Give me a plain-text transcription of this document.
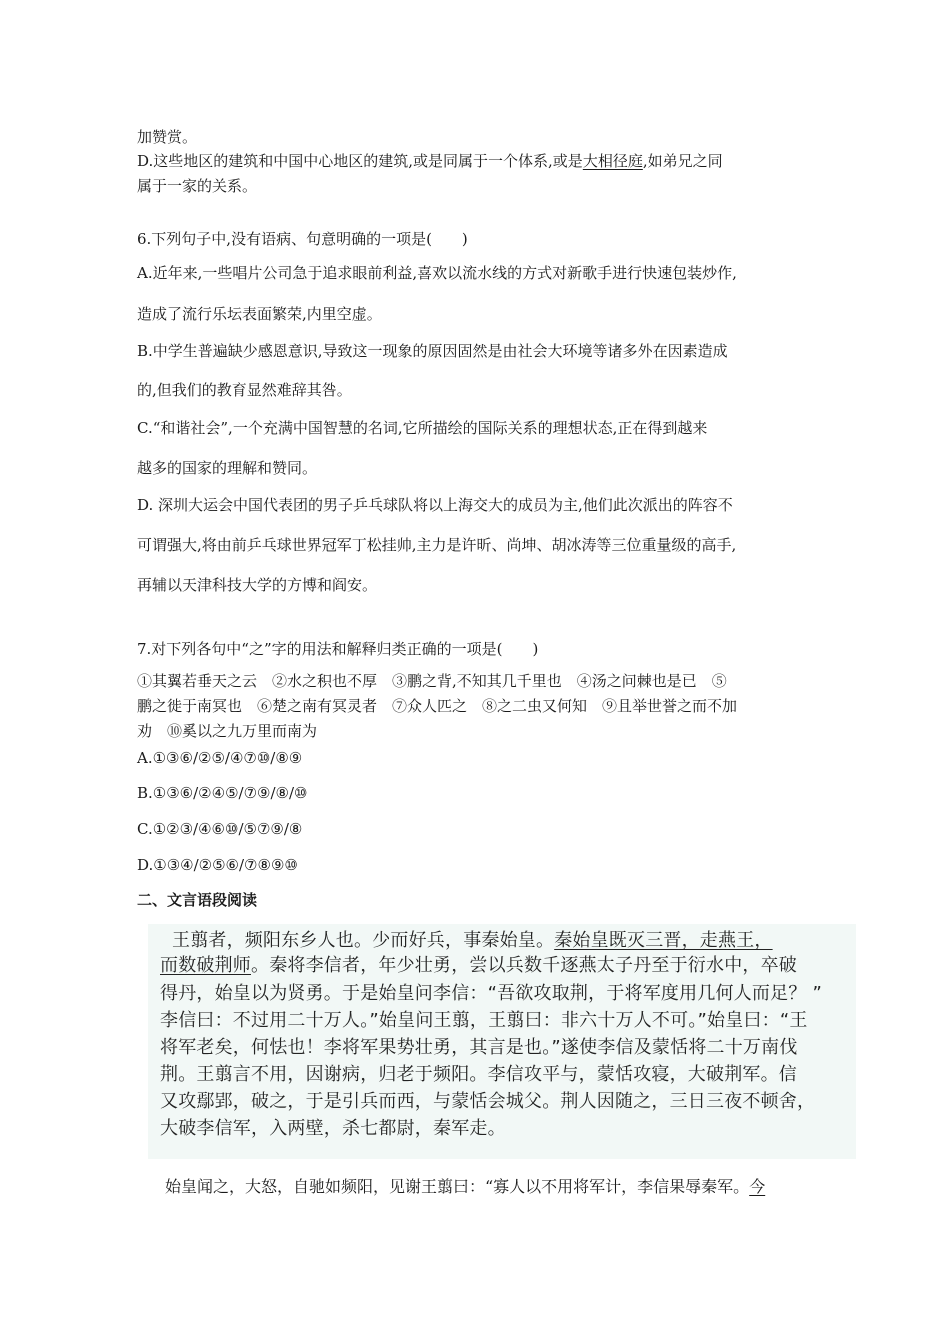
加赞赏。
D.这些地区的建筑和中国中心地区的建筑,或是同属于一个体系,或是大相径庭,如弟兄之同
属于一家的关系。
6.下列句子中,没有语病、句意明确的一项是(　　)
A.近年来,一些唱片公司急于追求眼前利益,喜欢以流水线的方式对新歌手进行快速包装炒作,
造成了流行乐坛表面繁荣,内里空虚。
B.中学生普遍缺少感恩意识,导致这一现象的原因固然是由社会大环境等诸多外在因素造成
的,但我们的教育显然难辞其咎。
C.“和谐社会”,一个充满中国智慧的名词,它所描绘的国际关系的理想状态,正在得到越来
越多的国家的理解和赞同。
D. 深圳大运会中国代表团的男子乒乓球队将以上海交大的成员为主,他们此次派出的阵容不
可谓强大,将由前乒乓球世界冠军丁松挂帅,主力是许昕、尚坤、胡冰涛等三位重量级的高手,
再辅以天津科技大学的方博和阎安。
7.对下列各句中“之”字的用法和解释归类正确的一项是(　　)
①其翼若垂天之云　②水之积也不厚　③鹏之背,不知其几千里也　④汤之问棘也是已　⑤
鹏之徙于南冥也　⑥楚之南有冥灵者　⑦众人匹之　⑧之二虫又何知　⑨且举世誉之而不加
劝　⑩奚以之九万里而南为
A.①③⑥/②⑤/④⑦⑩/⑧⑨
B.①③⑥/②④⑤/⑦⑨/⑧/⑩
C.①②③/④⑥⑩/⑤⑦⑨/⑧
D.①③④/②⑤⑥/⑦⑧⑨⑩
二、文言语段阅读
王翦者，频阳东乡人也。少而好兵，事秦始皇。秦始皇既灭三晋，走燕王，
而数破荆师。秦将李信者，年少壮勇，尝以兵数千逐燕太子丹至于衍水中，卒破
得丹，始皇以为贤勇。于是始皇问李信：“吾欲攻取荆，于将军度用几何人而足？ ”
李信曰：不过用二十万人。”始皇问王翦，王翦曰：非六十万人不可。”始皇曰：“王
将军老矣，何怯也！李将军果势壮勇，其言是也。”遂使李信及蒙恬将二十万南伐
荆。王翦言不用，因谢病，归老于频阳。李信攻平与，蒙恬攻寝，大破荆军。信
又攻鄢郢，破之，于是引兵而西，与蒙恬会城父。荆人因随之，三日三夜不顿舍，
大破李信军，入两壁，杀七都尉，秦军走。
始皇闻之，大怒，自驰如频阳，见谢王翦曰：“寡人以不用将军计，李信果辱秦军。今
